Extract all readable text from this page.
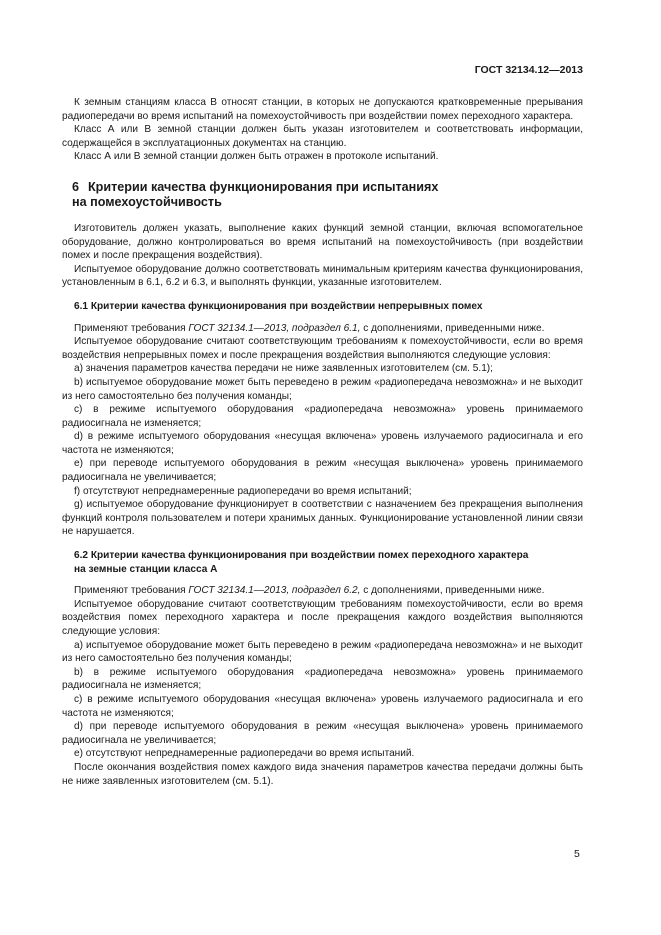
ГОСТ 32134.12—2013

К земным станциям класса В относят станции, в которых не допускаются кратковременные прерывания радиопередачи во время испытаний на помехоустойчивость при воздействии помех переходного характера.

Класс А или В земной станции должен быть указан изготовителем и соответствовать информации, содержащейся в эксплуатационных документах на станцию.

Класс А или В земной станции должен быть отражен в протоколе испытаний.

6 Критерии качества функционирования при испытаниях
на помехоустойчивость

Изготовитель должен указать, выполнение каких функций земной станции, включая вспомогательное оборудование, должно контролироваться во время испытаний на помехоустойчивость (при воздействии помех и после прекращения воздействия).

Испытуемое оборудование должно соответствовать минимальным критериям качества функционирования, установленным в 6.1, 6.2 и 6.3, и выполнять функции, указанные изготовителем.

6.1 Критерии качества функционирования при воздействии непрерывных помех

Применяют требования ГОСТ 32134.1—2013, подраздел 6.1, с дополнениями, приведенными ниже.

Испытуемое оборудование считают соответствующим требованиям к помехоустойчивости, если во время воздействия непрерывных помех и после прекращения воздействия выполняются следующие условия:

a) значения параметров качества передачи не ниже заявленных изготовителем (см. 5.1);

b) испытуемое оборудование может быть переведено в режим «радиопередача невозможна» и не выходит из него самостоятельно без получения команды;

c) в режиме испытуемого оборудования «радиопередача невозможна» уровень принимаемого радиосигнала не изменяется;

d) в режиме испытуемого оборудования «несущая включена» уровень излучаемого радиосигнала и его частота не изменяются;

e) при переводе испытуемого оборудования в режим «несущая выключена» уровень принимаемого радиосигнала не увеличивается;

f) отсутствуют непреднамеренные радиопередачи во время испытаний;

g) испытуемое оборудование функционирует в соответствии с назначением без прекращения выполнения функций контроля пользователем и потери хранимых данных. Функционирование установленной линии связи не нарушается.

6.2 Критерии качества функционирования при воздействии помех переходного характера
на земные станции класса А

Применяют требования ГОСТ 32134.1—2013, подраздел 6.2, с дополнениями, приведенными ниже.

Испытуемое оборудование считают соответствующим требованиям помехоустойчивости, если во время воздействия помех переходного характера и после прекращения каждого воздействия выполняются следующие условия:

a) испытуемое оборудование может быть переведено в режим «радиопередача невозможна» и не выходит из него самостоятельно без получения команды;

b) в режиме испытуемого оборудования «радиопередача невозможна» уровень принимаемого радиосигнала не изменяется;

c) в режиме испытуемого оборудования «несущая включена» уровень излучаемого радиосигнала и его частота не изменяются;

d) при переводе испытуемого оборудования в режим «несущая выключена» уровень принимаемого радиосигнала не увеличивается;

e) отсутствуют непреднамеренные радиопередачи во время испытаний.

После окончания воздействия помех каждого вида значения параметров качества передачи должны быть не ниже заявленных изготовителем (см. 5.1).

5
